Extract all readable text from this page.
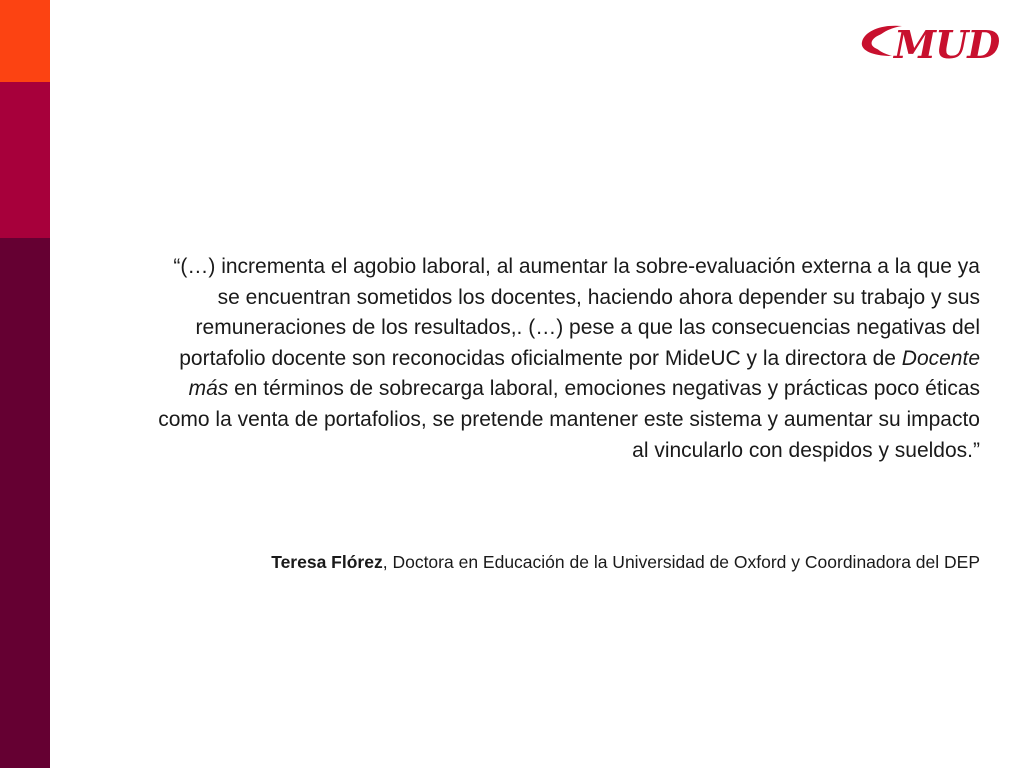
MUD

“(…) incrementa el agobio laboral, al aumentar la sobre-evaluación externa a la que ya se encuentran sometidos los docentes, haciendo ahora depender su trabajo y sus remuneraciones de los resultados,. (…) pese a que las consecuencias negativas del portafolio docente son reconocidas oficialmente por MideUC y la directora de Docente más en términos de sobrecarga laboral, emociones negativas y prácticas poco éticas como la venta de portafolios, se pretende mantener este sistema y aumentar su impacto al vincularlo con despidos y sueldos.”

Teresa Flórez, Doctora en Educación de la Universidad de Oxford y Coordinadora del DEP
